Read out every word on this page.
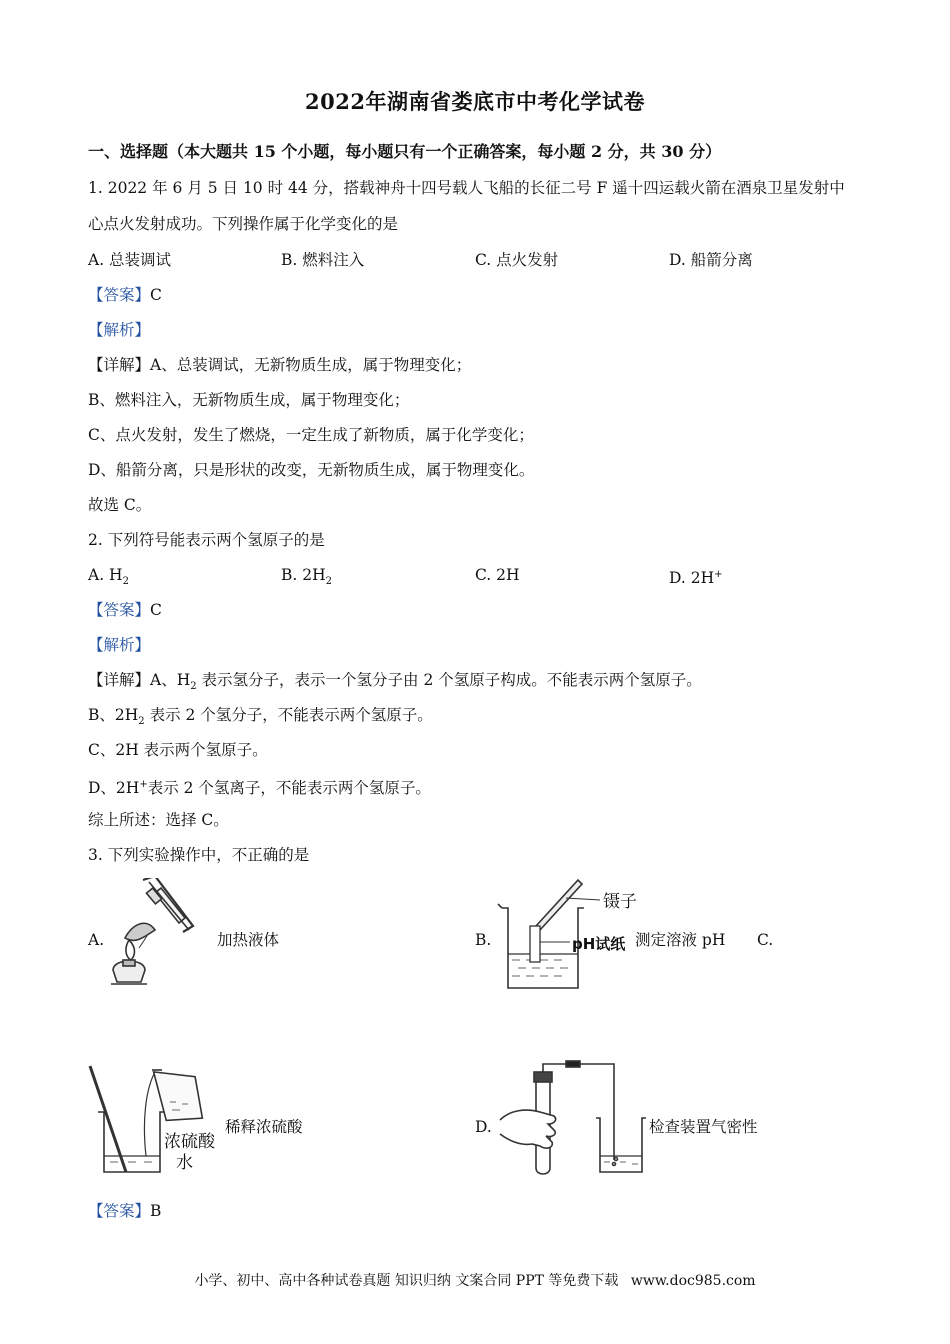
2022年湖南省娄底市中考化学试卷
一、选择题（本大题共 15 个小题，每小题只有一个正确答案，每小题 2 分，共 30 分）
1. 2022 年 6 月 5 日 10 时 44 分，搭载神舟十四号载人飞船的长征二号 F 遥十四运载火箭在酒泉卫星发射中
心点火发射成功。下列操作属于化学变化的是
A. 总装调试	B. 燃料注入	C. 点火发射	D. 船箭分离
【答案】C
【解析】
【详解】A、总装调试，无新物质生成，属于物理变化；
B、燃料注入，无新物质生成，属于物理变化；
C、点火发射，发生了燃烧，一定生成了新物质，属于化学变化；
D、船箭分离，只是形状的改变，无新物质生成，属于物理变化。
故选 C。
2. 下列符号能表示两个氢原子的是
A. $H_2$	B. $2H_2$	C. 2H	D. 2H+
【答案】C
【解析】
【详解】A、$H_2$ 表示氢分子，表示一个氢分子由 2 个氢原子构成。不能表示两个氢原子。
B、$2H_2$ 表示 2 个氢分子，不能表示两个氢原子。
C、2H 表示两个氢原子。
D、2H+表示 2 个氢离子，不能表示两个氢原子。
综上所述：选择 C。
3. 下列实验操作中，不正确的是
A.	加热液体	B.
镊子
pH试纸 测定溶液 pH C.
稀释浓硫酸
浓硫酸
水
D.	检查装置气密性
【答案】B
小学、初中、高中各种试卷真题 知识归纳 文案合同 PPT 等免费下载 www.doc985.com
